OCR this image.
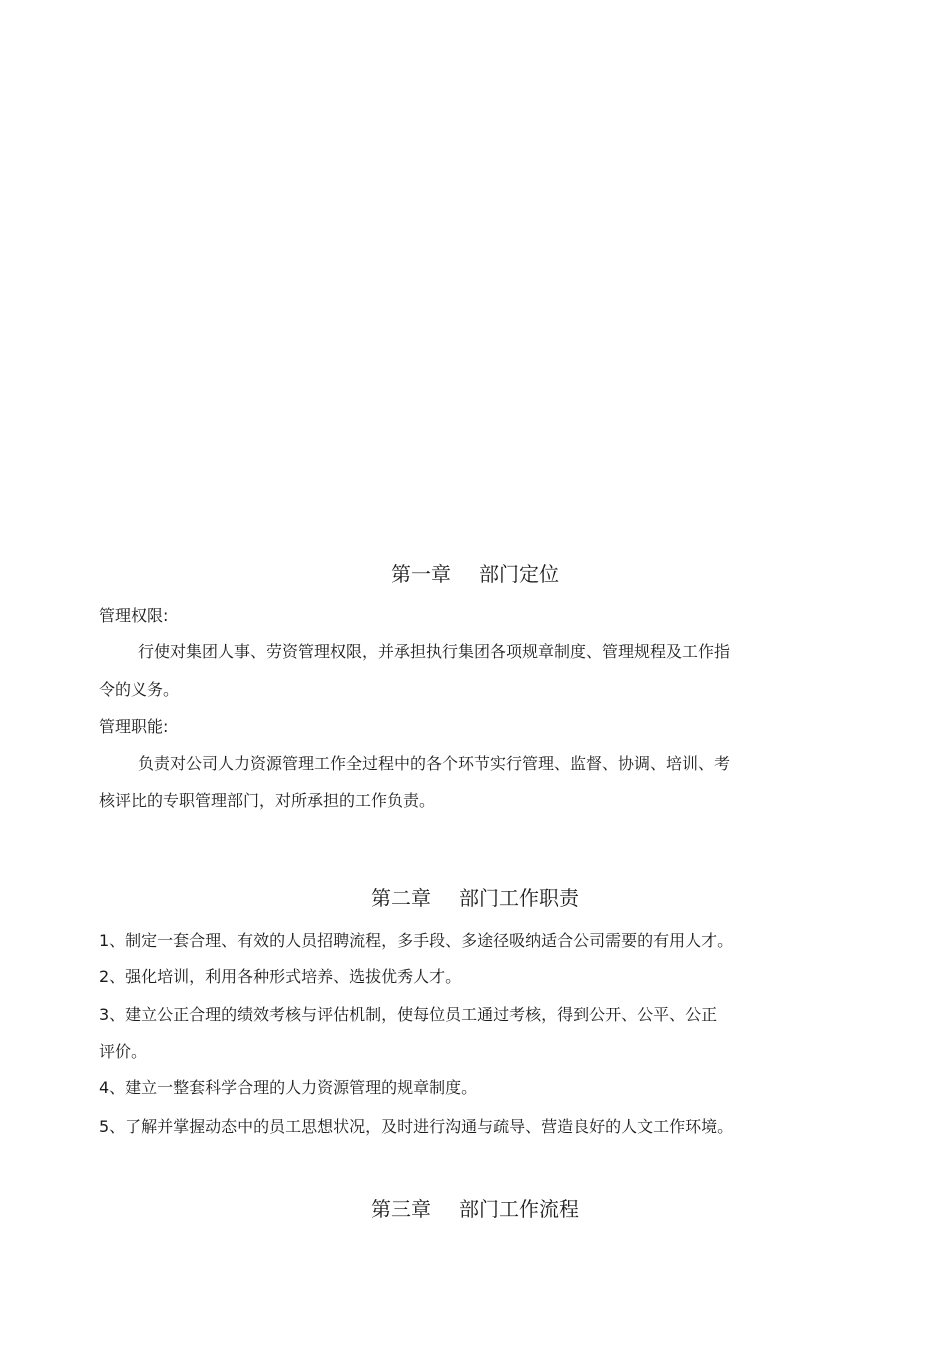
第一章 部门定位
管理权限:
行使对集团人事、劳资管理权限，并承担执行集团各项规章制度、管理规程及工作指
令的义务。
管理职能:
负责对公司人力资源管理工作全过程中的各个环节实行管理、监督、协调、培训、考
核评比的专职管理部门，对所承担的工作负责。
第二章 部门工作职责
1、制定一套合理、有效的人员招聘流程，多手段、多途径吸纳适合公司需要的有用人才。
2、强化培训，利用各种形式培养、选拔优秀人才。
3、建立公正合理的绩效考核与评估机制，使每位员工通过考核，得到公开、公平、公正
评价。
4、建立一整套科学合理的人力资源管理的规章制度。
5、了解并掌握动态中的员工思想状况，及时进行沟通与疏导、营造良好的人文工作环境。
第三章 部门工作流程
